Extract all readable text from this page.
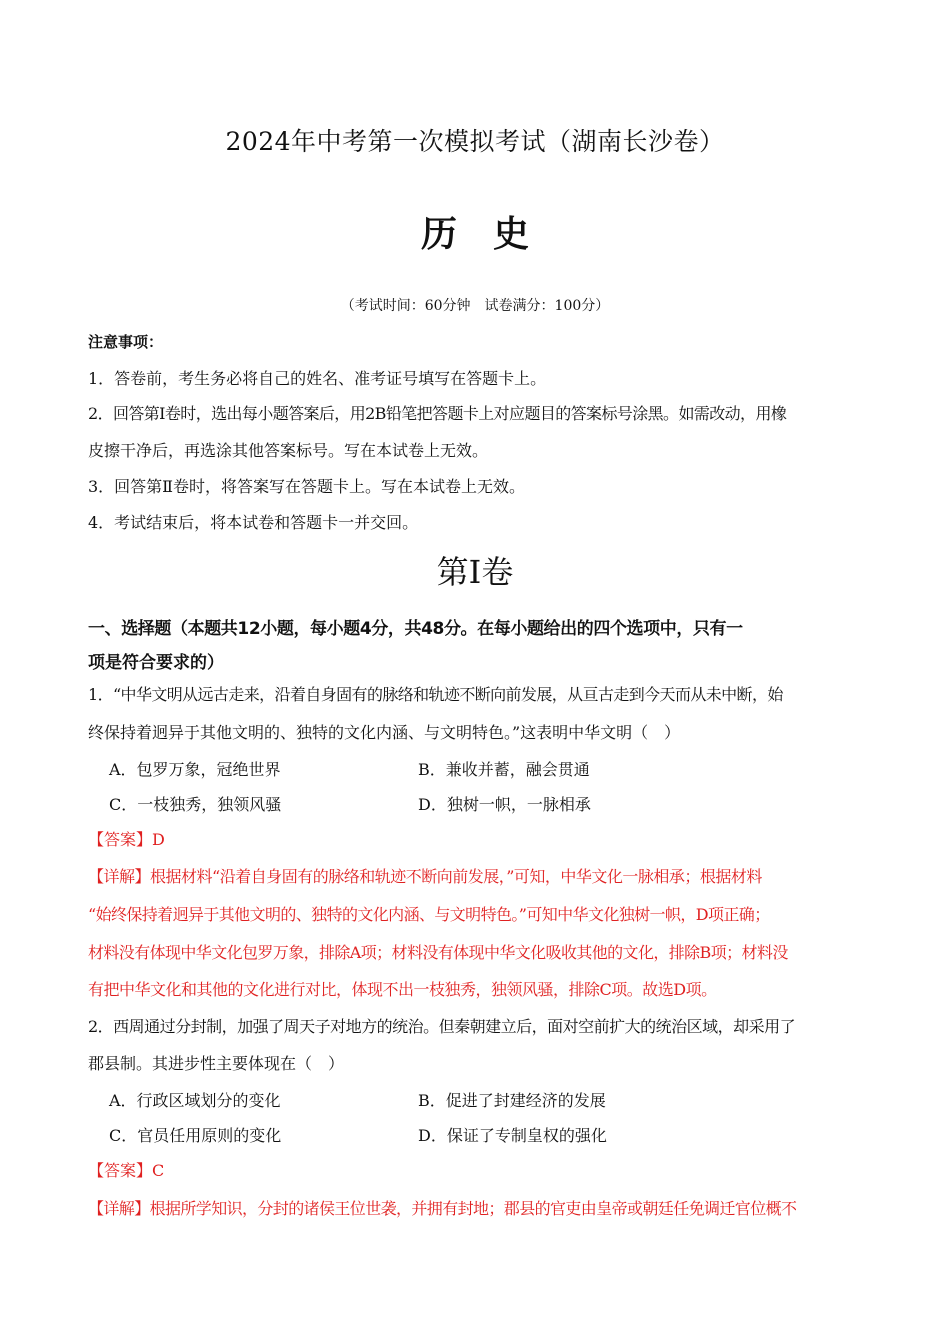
2024年中考第一次模拟考试（湖南长沙卷）
历　史
（考试时间：60分钟　试卷满分：100分）
注意事项：
1．答卷前，考生务必将自己的姓名、准考证号填写在答题卡上。
2．回答第Ⅰ卷时，选出每小题答案后，用2B铅笔把答题卡上对应题目的答案标号涂黑。如需改动，用橡
皮擦干净后，再选涂其他答案标号。写在本试卷上无效。
3．回答第Ⅱ卷时，将答案写在答题卡上。写在本试卷上无效。
4．考试结束后，将本试卷和答题卡一并交回。
第Ⅰ卷
一、选择题（本题共12小题，每小题4分，共48分。在每小题给出的四个选项中，只有一
项是符合要求的）
1．“中华文明从远古走来，沿着自身固有的脉络和轨迹不断向前发展，从亘古走到今天而从未中断，始
终保持着迥异于其他文明的、独特的文化内涵、与文明特色。”这表明中华文明（　）
A．包罗万象，冠绝世界	B．兼收并蓄，融会贯通
C．一枝独秀，独领风骚	D．独树一帜，一脉相承
【答案】D
【详解】根据材料“沿着自身固有的脉络和轨迹不断向前发展，”可知，中华文化一脉相承；根据材料
“始终保持着迥异于其他文明的、独特的文化内涵、与文明特色。”可知中华文化独树一帜，D项正确；
材料没有体现中华文化包罗万象，排除A项；材料没有体现中华文化吸收其他的文化，排除B项；材料没
有把中华文化和其他的文化进行对比，体现不出一枝独秀，独领风骚，排除C项。故选D项。
2．西周通过分封制，加强了周天子对地方的统治。但秦朝建立后，面对空前扩大的统治区域，却采用了
郡县制。其进步性主要体现在（　）
A．行政区域划分的变化	B．促进了封建经济的发展
C．官员任用原则的变化	D．保证了专制皇权的强化
【答案】C
【详解】根据所学知识，分封的诸侯王位世袭，并拥有封地；郡县的官吏由皇帝或朝廷任免调迁官位概不
